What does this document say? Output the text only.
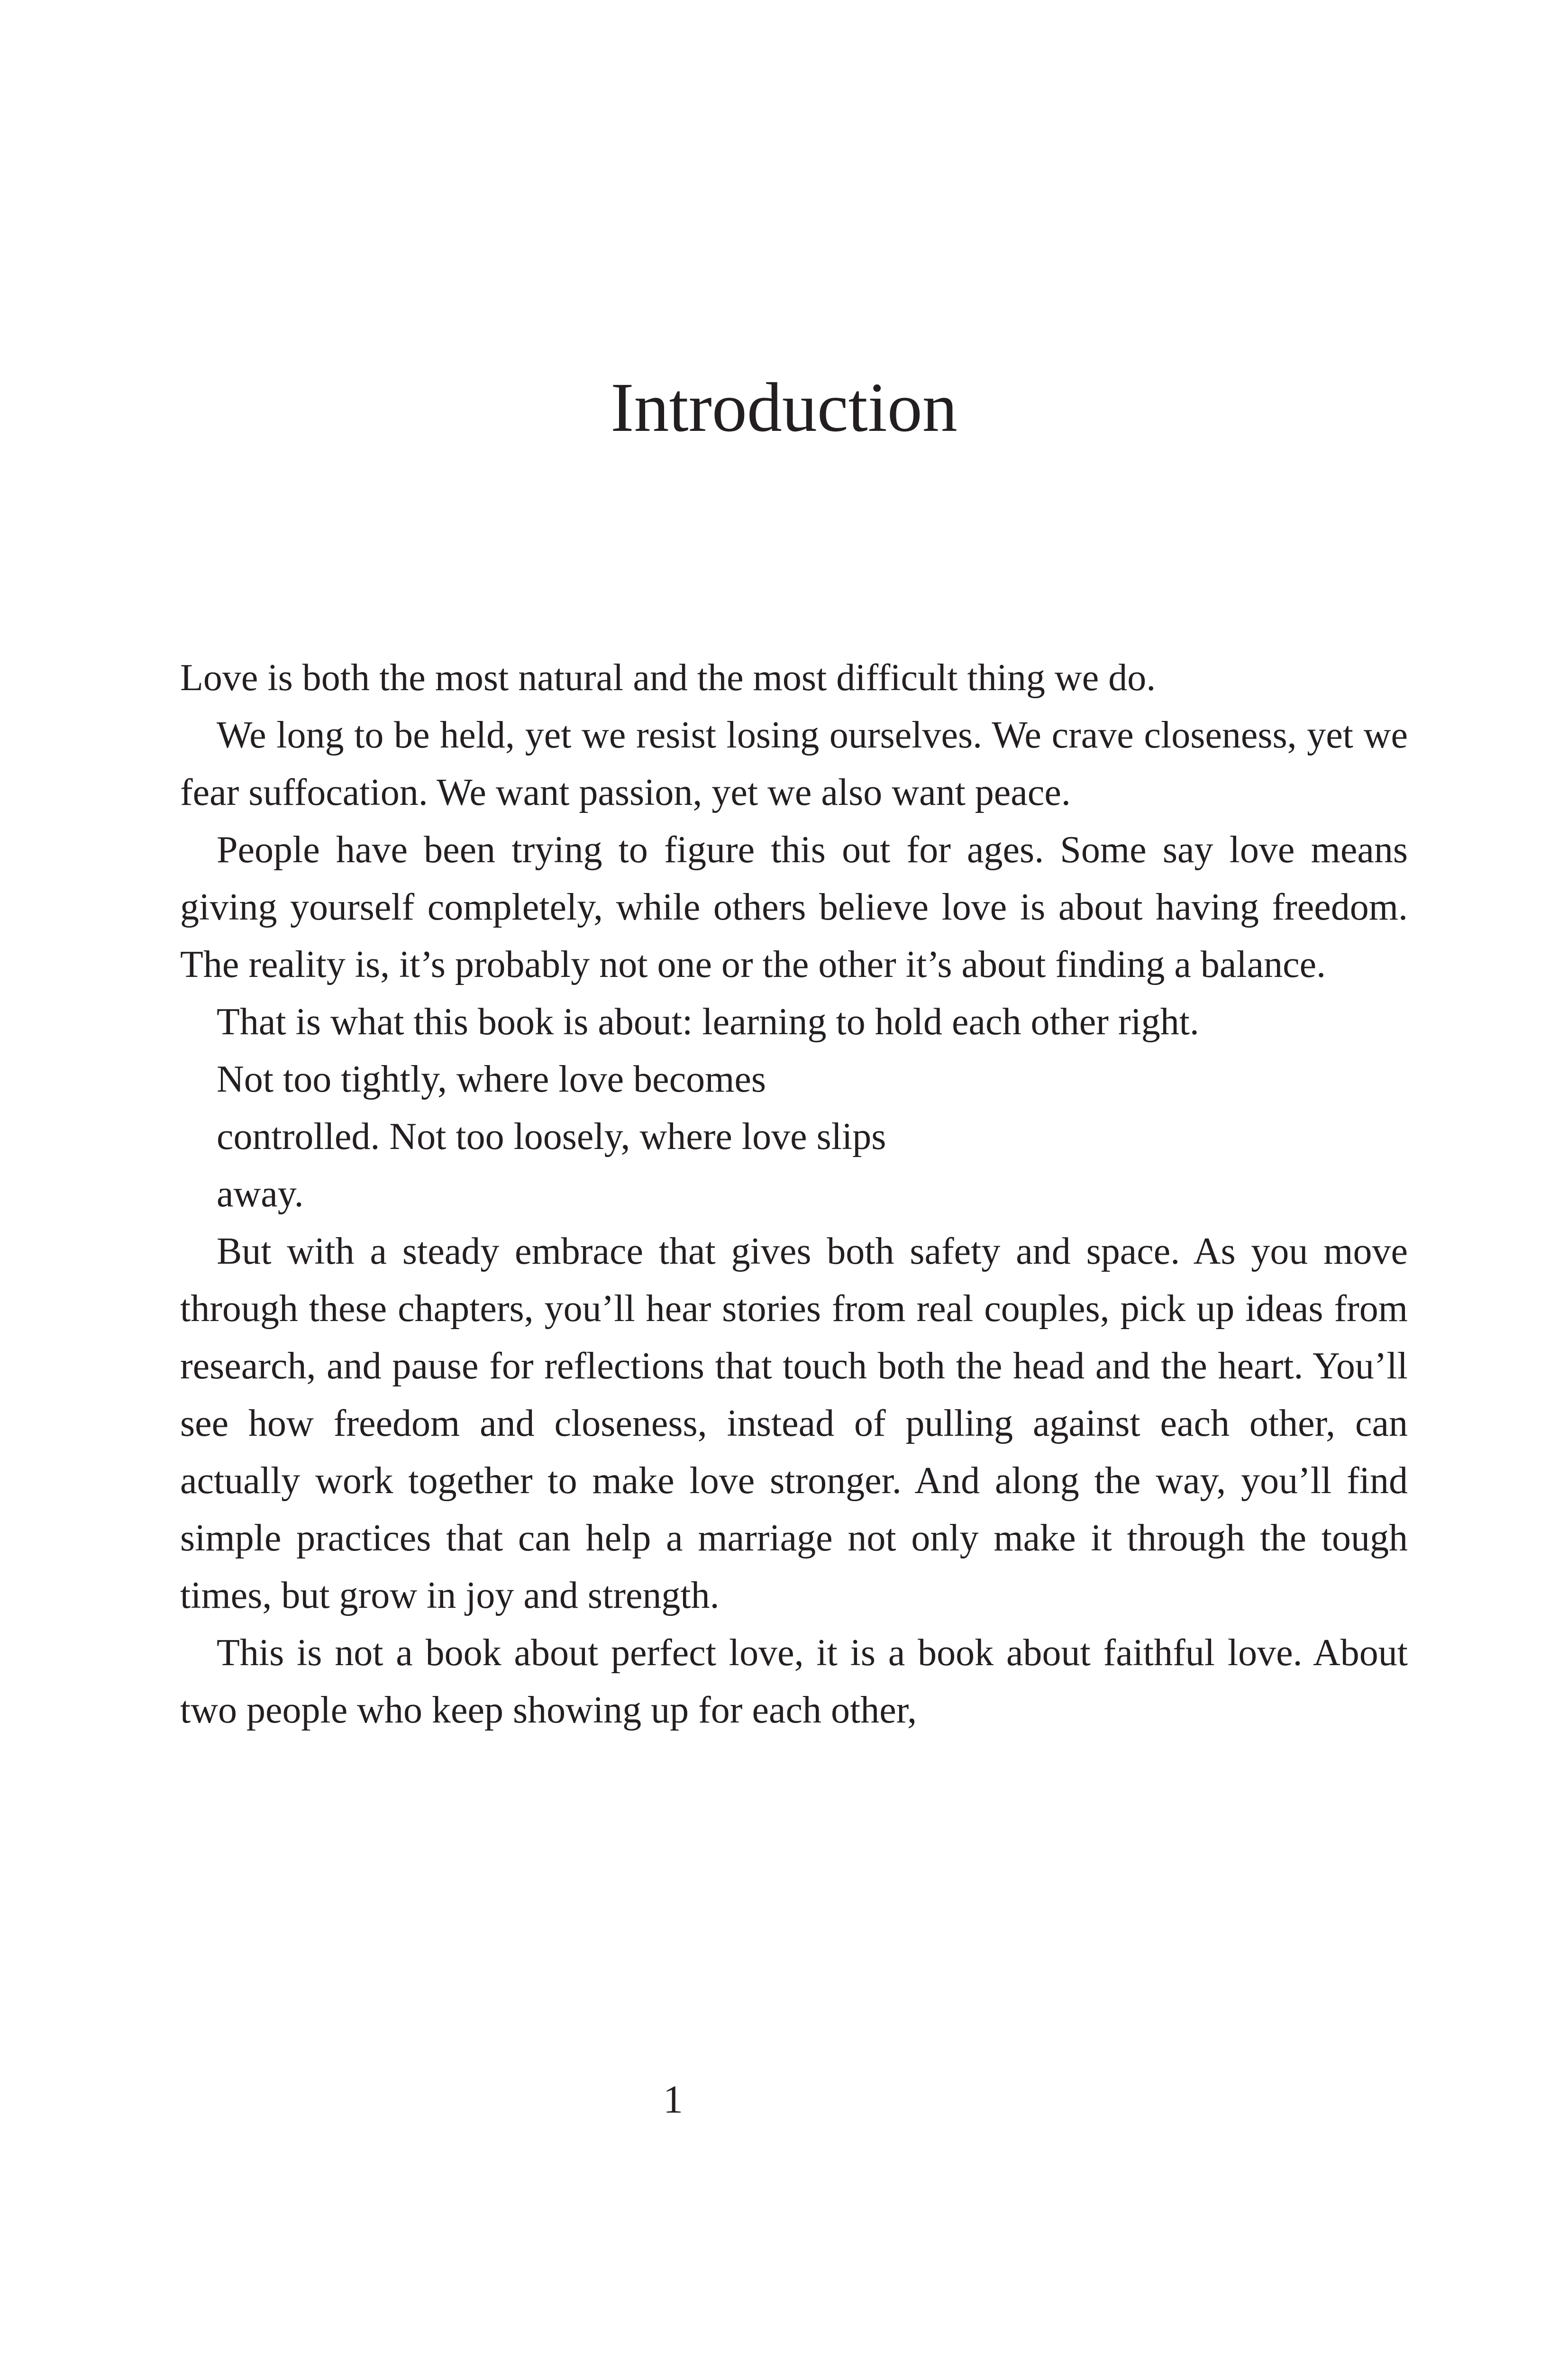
Introduction

Love is both the most natural and the most difficult thing we do.

We long to be held, yet we resist losing ourselves. We crave closeness, yet we fear suffocation. We want passion, yet we also want peace.

People have been trying to figure this out for ages. Some say love means giving yourself completely, while others believe love is about having freedom. The reality is, it’s probably not one or the other it’s about finding a balance.

That is what this book is about: learning to hold each other right.

Not too tightly, where love becomes controlled. Not too loosely, where love slips away.

But with a steady embrace that gives both safety and space. As you move through these chapters, you’ll hear stories from real couples, pick up ideas from research, and pause for reflections that touch both the head and the heart. You’ll see how freedom and closeness, instead of pulling against each other, can actually work together to make love stronger. And along the way, you’ll find simple practices that can help a marriage not only make it through the tough times, but grow in joy and strength.

This is not a book about perfect love, it is a book about faithful love. About two people who keep showing up for each other,

1
